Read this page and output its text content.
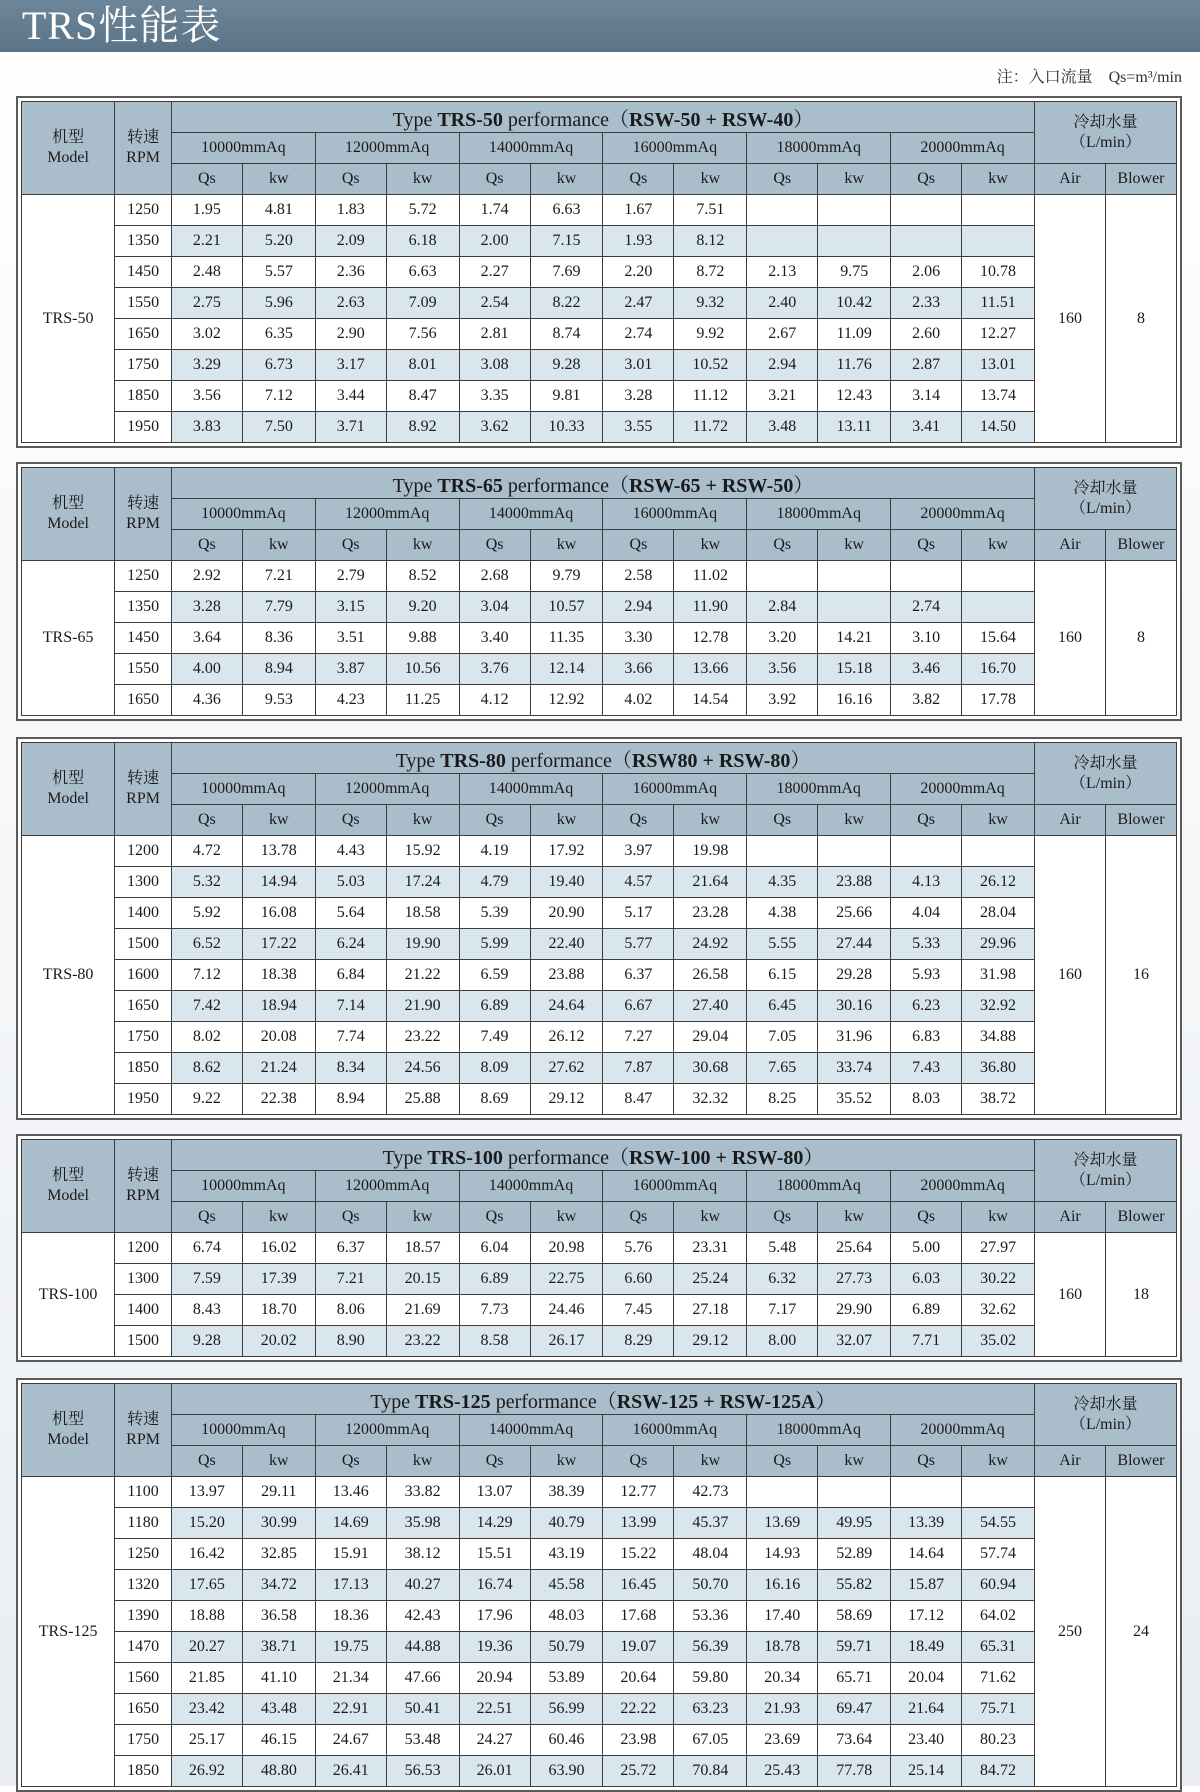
TRS性能表
注：入口流量　Qs=m³/min
机型
Model	转速
RPM	Type TRS-50 performance（RSW-50 + RSW-40）												冷却水量
（L/min）	
		10000mmAq		12000mmAq		14000mmAq		16000mmAq		18000mmAq		20000mmAq			
		Qs	kw	Qs	kw	Qs	kw	Qs	kw	Qs	kw	Qs	kw	Air	Blower
TRS-50	1250	1.95	4.81	1.83	5.72	1.74	6.63	1.67	7.51					160	8
	1350	2.21	5.20	2.09	6.18	2.00	7.15	1.93	8.12						
	1450	2.48	5.57	2.36	6.63	2.27	7.69	2.20	8.72	2.13	9.75	2.06	10.78		
	1550	2.75	5.96	2.63	7.09	2.54	8.22	2.47	9.32	2.40	10.42	2.33	11.51		
	1650	3.02	6.35	2.90	7.56	2.81	8.74	2.74	9.92	2.67	11.09	2.60	12.27		
	1750	3.29	6.73	3.17	8.01	3.08	9.28	3.01	10.52	2.94	11.76	2.87	13.01		
	1850	3.56	7.12	3.44	8.47	3.35	9.81	3.28	11.12	3.21	12.43	3.14	13.74		
	1950	3.83	7.50	3.71	8.92	3.62	10.33	3.55	11.72	3.48	13.11	3.41	14.50		
机型
Model	转速
RPM	Type TRS-65 performance（RSW-65 + RSW-50）												冷却水量
（L/min）	
		10000mmAq		12000mmAq		14000mmAq		16000mmAq		18000mmAq		20000mmAq			
		Qs	kw	Qs	kw	Qs	kw	Qs	kw	Qs	kw	Qs	kw	Air	Blower
TRS-65	1250	2.92	7.21	2.79	8.52	2.68	9.79	2.58	11.02					160	8
	1350	3.28	7.79	3.15	9.20	3.04	10.57	2.94	11.90	2.84		2.74			
	1450	3.64	8.36	3.51	9.88	3.40	11.35	3.30	12.78	3.20	14.21	3.10	15.64		
	1550	4.00	8.94	3.87	10.56	3.76	12.14	3.66	13.66	3.56	15.18	3.46	16.70		
	1650	4.36	9.53	4.23	11.25	4.12	12.92	4.02	14.54	3.92	16.16	3.82	17.78		
机型
Model	转速
RPM	Type TRS-80 performance（RSW80 + RSW-80）												冷却水量
（L/min）	
		10000mmAq		12000mmAq		14000mmAq		16000mmAq		18000mmAq		20000mmAq			
		Qs	kw	Qs	kw	Qs	kw	Qs	kw	Qs	kw	Qs	kw	Air	Blower
TRS-80	1200	4.72	13.78	4.43	15.92	4.19	17.92	3.97	19.98					160	16
	1300	5.32	14.94	5.03	17.24	4.79	19.40	4.57	21.64	4.35	23.88	4.13	26.12		
	1400	5.92	16.08	5.64	18.58	5.39	20.90	5.17	23.28	4.38	25.66	4.04	28.04		
	1500	6.52	17.22	6.24	19.90	5.99	22.40	5.77	24.92	5.55	27.44	5.33	29.96		
	1600	7.12	18.38	6.84	21.22	6.59	23.88	6.37	26.58	6.15	29.28	5.93	31.98		
	1650	7.42	18.94	7.14	21.90	6.89	24.64	6.67	27.40	6.45	30.16	6.23	32.92		
	1750	8.02	20.08	7.74	23.22	7.49	26.12	7.27	29.04	7.05	31.96	6.83	34.88		
	1850	8.62	21.24	8.34	24.56	8.09	27.62	7.87	30.68	7.65	33.74	7.43	36.80		
	1950	9.22	22.38	8.94	25.88	8.69	29.12	8.47	32.32	8.25	35.52	8.03	38.72		
机型
Model	转速
RPM	Type TRS-100 performance（RSW-100 + RSW-80）												冷却水量
（L/min）	
		10000mmAq		12000mmAq		14000mmAq		16000mmAq		18000mmAq		20000mmAq			
		Qs	kw	Qs	kw	Qs	kw	Qs	kw	Qs	kw	Qs	kw	Air	Blower
TRS-100	1200	6.74	16.02	6.37	18.57	6.04	20.98	5.76	23.31	5.48	25.64	5.00	27.97	160	18
	1300	7.59	17.39	7.21	20.15	6.89	22.75	6.60	25.24	6.32	27.73	6.03	30.22		
	1400	8.43	18.70	8.06	21.69	7.73	24.46	7.45	27.18	7.17	29.90	6.89	32.62		
	1500	9.28	20.02	8.90	23.22	8.58	26.17	8.29	29.12	8.00	32.07	7.71	35.02		
机型
Model	转速
RPM	Type TRS-125 performance（RSW-125 + RSW-125A）												冷却水量
（L/min）	
		10000mmAq		12000mmAq		14000mmAq		16000mmAq		18000mmAq		20000mmAq			
		Qs	kw	Qs	kw	Qs	kw	Qs	kw	Qs	kw	Qs	kw	Air	Blower
TRS-125	1100	13.97	29.11	13.46	33.82	13.07	38.39	12.77	42.73					250	24
	1180	15.20	30.99	14.69	35.98	14.29	40.79	13.99	45.37	13.69	49.95	13.39	54.55		
	1250	16.42	32.85	15.91	38.12	15.51	43.19	15.22	48.04	14.93	52.89	14.64	57.74		
	1320	17.65	34.72	17.13	40.27	16.74	45.58	16.45	50.70	16.16	55.82	15.87	60.94		
	1390	18.88	36.58	18.36	42.43	17.96	48.03	17.68	53.36	17.40	58.69	17.12	64.02		
	1470	20.27	38.71	19.75	44.88	19.36	50.79	19.07	56.39	18.78	59.71	18.49	65.31		
	1560	21.85	41.10	21.34	47.66	20.94	53.89	20.64	59.80	20.34	65.71	20.04	71.62		
	1650	23.42	43.48	22.91	50.41	22.51	56.99	22.22	63.23	21.93	69.47	21.64	75.71		
	1750	25.17	46.15	24.67	53.48	24.27	60.46	23.98	67.05	23.69	73.64	23.40	80.23		
	1850	26.92	48.80	26.41	56.53	26.01	63.90	25.72	70.84	25.43	77.78	25.14	84.72		
